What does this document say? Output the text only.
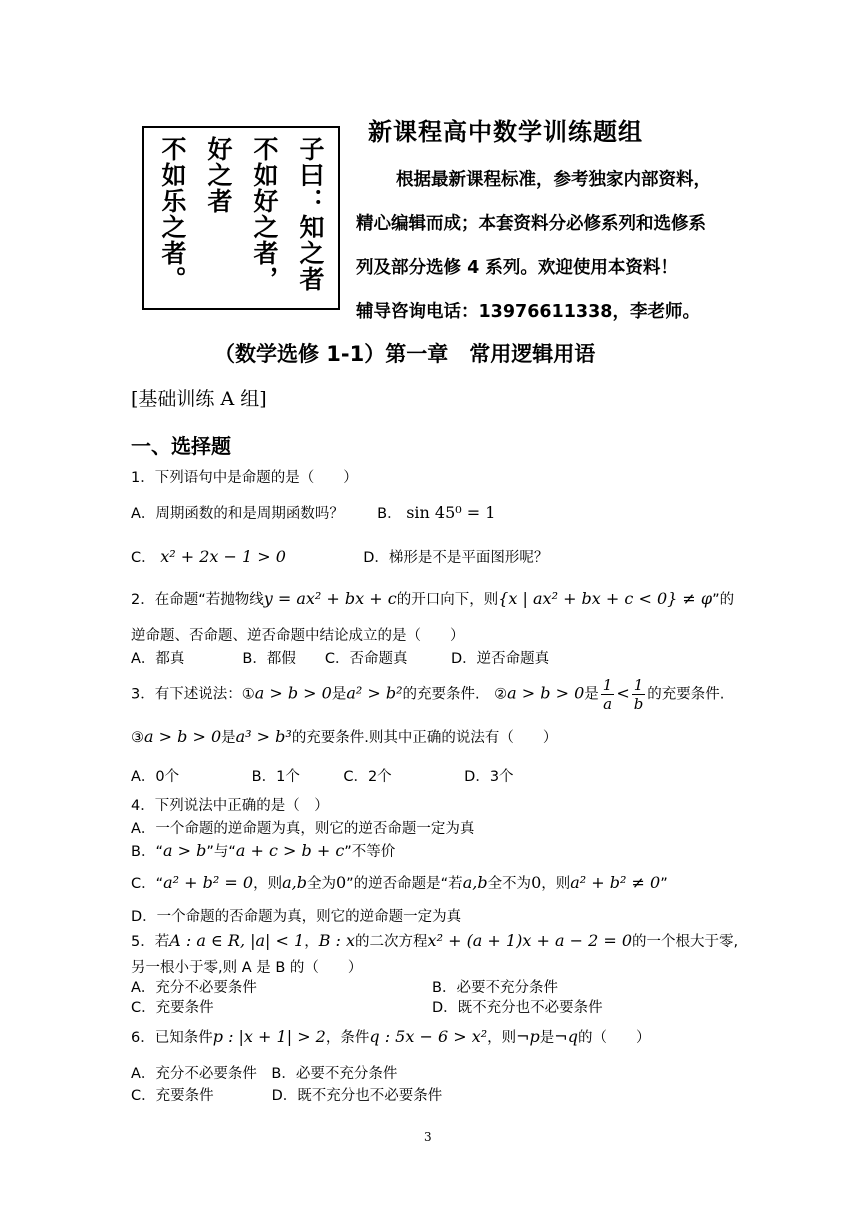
子曰：知之者
不如好之者，
好之者
不如乐之者。
新课程高中数学训练题组

根据最新课程标准，参考独家内部资料，

精心编辑而成；本套资料分必修系列和选修系

列及部分选修 4 系列。欢迎使用本资料！

辅导咨询电话：13976611338，李老师。

（数学选修 1-1）第一章　常用逻辑用语
[基础训练 A 组]
一、选择题
1．下列语句中是命题的是（　　）
A．周期函数的和是周期函数吗？ B． sin 45⁰ = 1
C． x² + 2x − 1 > 0	D．梯形是不是平面图形呢？
2．在命题“若抛物线y = ax² + bx + c的开口向下，则{x | ax² + bx + c < 0} ≠ φ”的
逆命题、否命题、逆否命题中结论成立的是（　　）
A．都真　　　　B．都假　　C．否命题真　　　D．逆否命题真
3．有下述说法：①a > b > 0是a² > b²的充要条件.　②a > b > 0是 $\frac{1}{a} < \frac{1}{b}$ 的充要条件.
③a > b > 0是a³ > b³的充要条件.则其中正确的说法有（　　）
A．0个　　　　　B．1个　　　C．2个　　　　　D．3个
4．下列说法中正确的是（　）
A．一个命题的逆命题为真，则它的逆否命题一定为真
B．“a > b”与“a + c > b + c”不等价
C．“a² + b² = 0，则a,b全为0”的逆否命题是“若a,b全不为0，则a² + b² ≠ 0”
D．一个命题的否命题为真，则它的逆命题一定为真
5．若A : a ∈ R, |a| < 1，B : x的二次方程x² + (a + 1)x + a − 2 = 0的一个根大于零,
另一根小于零,则 A 是 B 的（　　）
A．充分不必要条件	B．必要不充分条件
C．充要条件	D．既不充分也不必要条件
6．已知条件p : |x + 1| > 2，条件q : 5x − 6 > x²，则¬p是¬q的（　　）
A．充分不必要条件　B．必要不充分条件
C．充要条件　　　　D．既不充分也不必要条件
3
